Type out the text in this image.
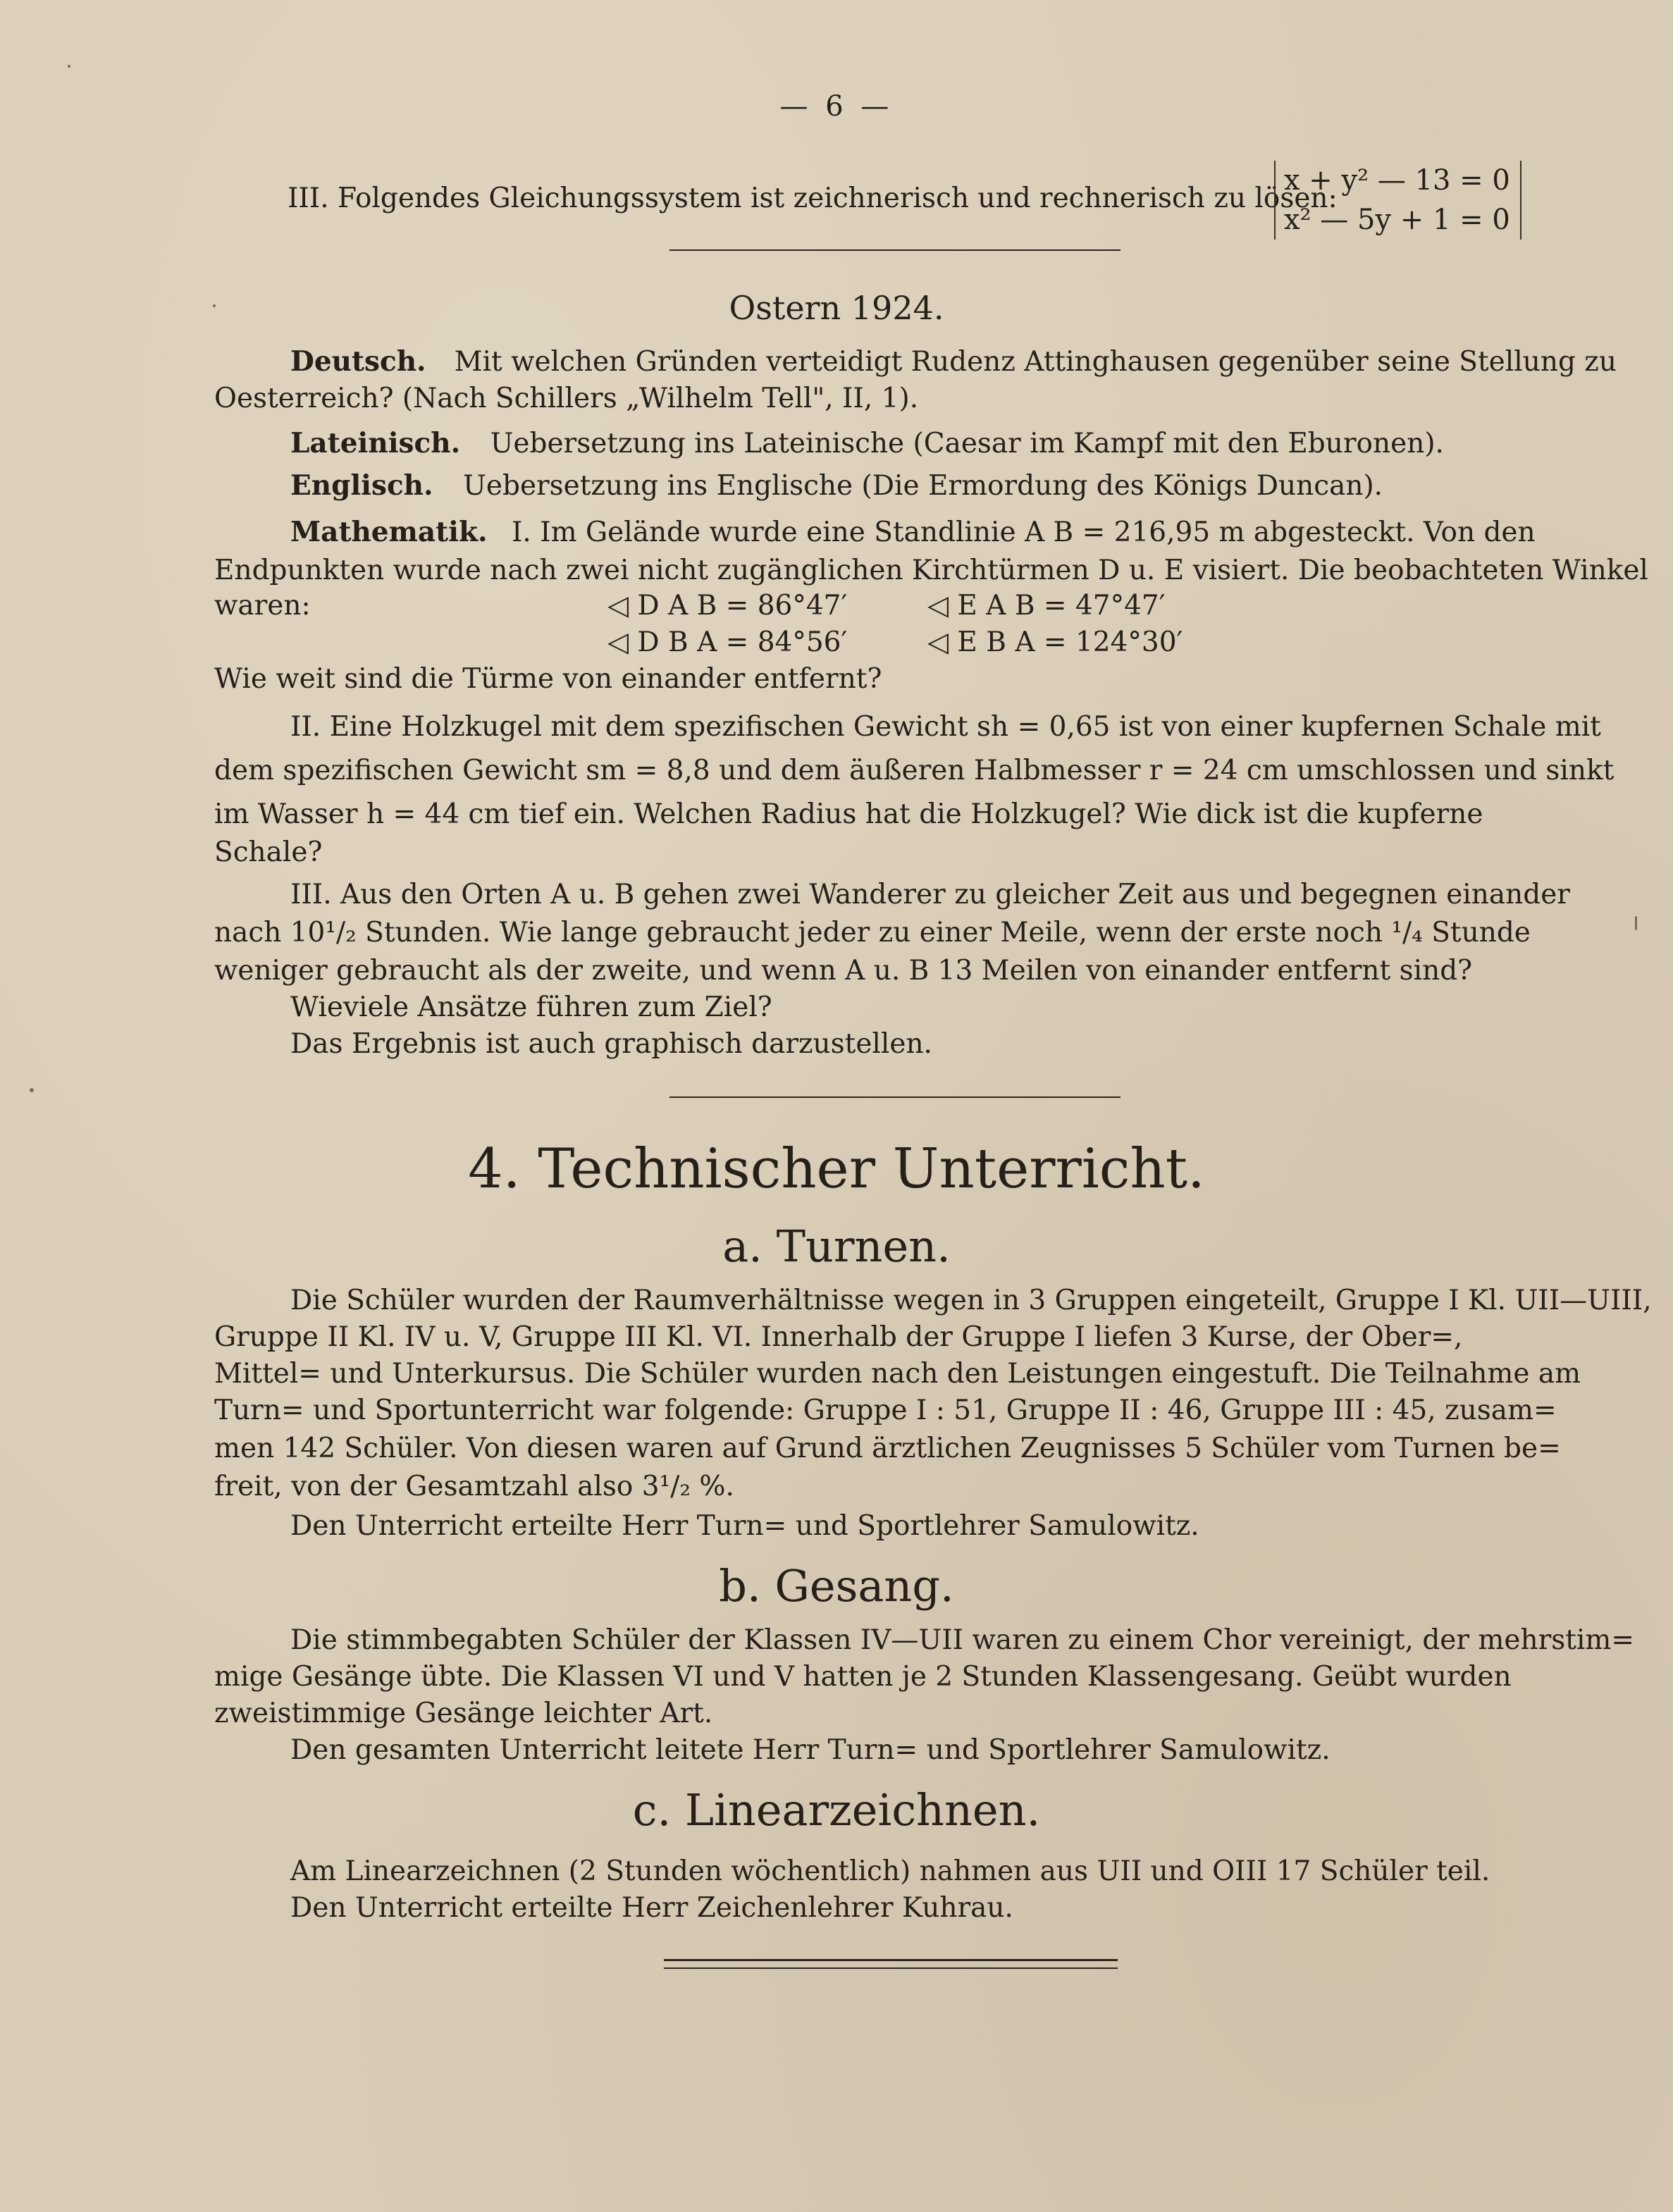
— 6 —
III. Folgendes Gleichungssystem ist zeichnerisch und rechnerisch zu lösen:
x + y² — 13 = 0
x² — 5y + 1 = 0
Ostern 1924.
Deutsch. Mit welchen Gründen verteidigt Rudenz Attinghausen gegenüber seine Stellung zu
Oesterreich? (Nach Schillers „Wilhelm Tell", II, 1).
Lateinisch. Uebersetzung ins Lateinische (Caesar im Kampf mit den Eburonen).
Englisch. Uebersetzung ins Englische (Die Ermordung des Königs Duncan).
Mathematik. I. Im Gelände wurde eine Standlinie A B = 216,95 m abgesteckt. Von den
Endpunkten wurde nach zwei nicht zugänglichen Kirchtürmen D u. E visiert. Die beobachteten Winkel
waren:	◁ D A B = 86°47′	◁ E A B = 47°47′
◁ D B A = 84°56′	◁ E B A = 124°30′
Wie weit sind die Türme von einander entfernt?
II. Eine Holzkugel mit dem spezifischen Gewicht sh = 0,65 ist von einer kupfernen Schale mit
dem spezifischen Gewicht sm = 8,8 und dem äußeren Halbmesser r = 24 cm umschlossen und sinkt
im Wasser h = 44 cm tief ein. Welchen Radius hat die Holzkugel? Wie dick ist die kupferne
Schale?
III. Aus den Orten A u. B gehen zwei Wanderer zu gleicher Zeit aus und begegnen einander
nach 10¹/₂ Stunden. Wie lange gebraucht jeder zu einer Meile, wenn der erste noch ¹/₄ Stunde
weniger gebraucht als der zweite, und wenn A u. B 13 Meilen von einander entfernt sind?
Wieviele Ansätze führen zum Ziel?
Das Ergebnis ist auch graphisch darzustellen.
4. Technischer Unterricht.
a. Turnen.
Die Schüler wurden der Raumverhältnisse wegen in 3 Gruppen eingeteilt, Gruppe I Kl. UII—UIII,
Gruppe II Kl. IV u. V, Gruppe III Kl. VI. Innerhalb der Gruppe I liefen 3 Kurse, der Ober=,
Mittel= und Unterkursus. Die Schüler wurden nach den Leistungen eingestuft. Die Teilnahme am
Turn= und Sportunterricht war folgende: Gruppe I : 51, Gruppe II : 46, Gruppe III : 45, zusam=
men 142 Schüler. Von diesen waren auf Grund ärztlichen Zeugnisses 5 Schüler vom Turnen be=
freit, von der Gesamtzahl also 3¹/₂ %.
Den Unterricht erteilte Herr Turn= und Sportlehrer Samulowitz.
b. Gesang.
Die stimmbegabten Schüler der Klassen IV—UII waren zu einem Chor vereinigt, der mehrstim=
mige Gesänge übte. Die Klassen VI und V hatten je 2 Stunden Klassengesang. Geübt wurden
zweistimmige Gesänge leichter Art.
Den gesamten Unterricht leitete Herr Turn= und Sportlehrer Samulowitz.
c. Linearzeichnen.
Am Linearzeichnen (2 Stunden wöchentlich) nahmen aus UII und OIII 17 Schüler teil.
Den Unterricht erteilte Herr Zeichenlehrer Kuhrau.
